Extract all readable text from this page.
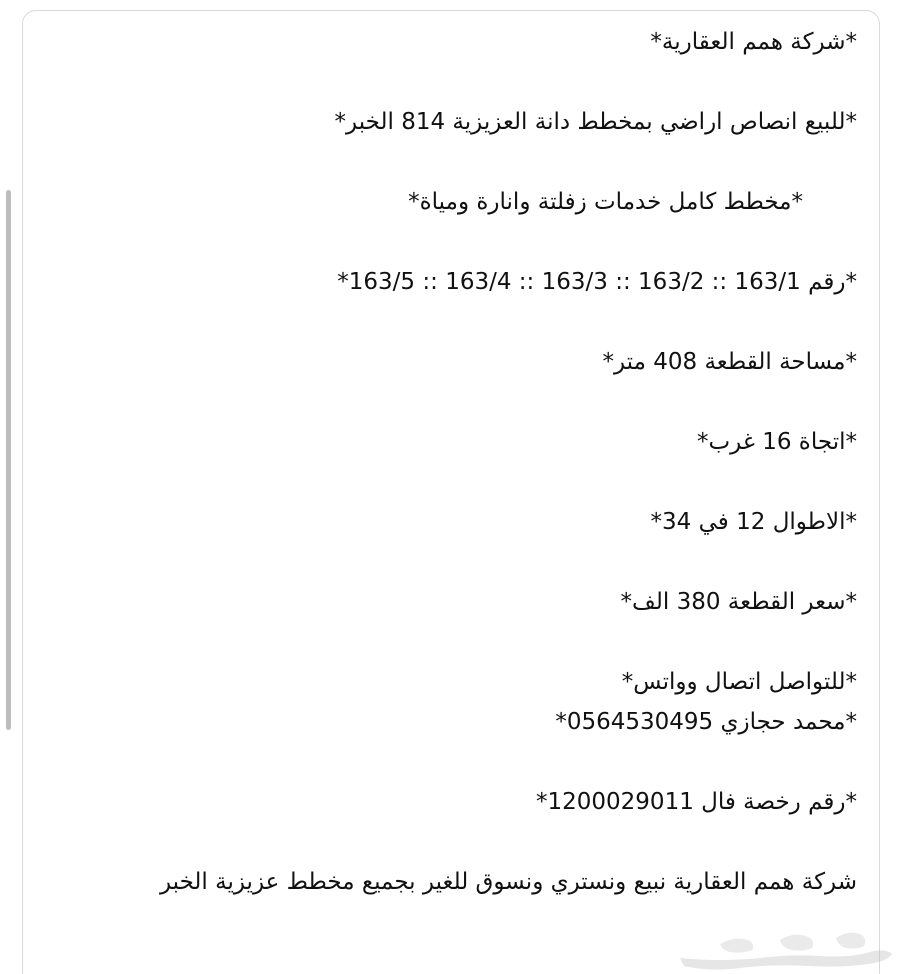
*شركة همم العقارية*
*للبيع انصاص اراضي بمخطط دانة العزيزية 814 الخبر*
*مخطط كامل خدمات زفلتة وانارة ومياة*
*رقم 163/1 :: 163/2 :: 163/3 :: 163/4 :: 163/5*
*مساحة القطعة 408 متر*
*اتجاة 16 غرب*
*الاطوال 12 في 34*
*سعر القطعة 380 الف*
*للتواصل اتصال وواتس*
*محمد حجازي 0564530495*
*رقم رخصة فال 1200029011*
شركة همم العقارية نبيع ونستري ونسوق للغير بجميع مخطط عزيزية الخبر
